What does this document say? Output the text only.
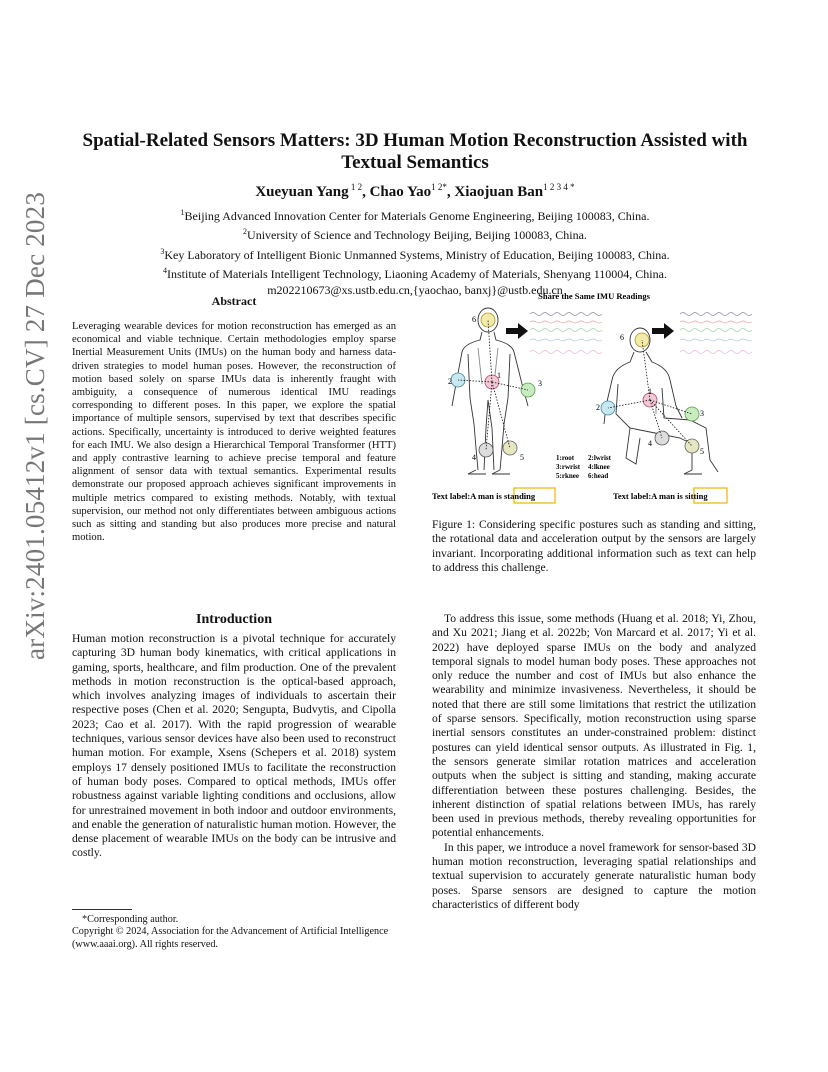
arXiv:2401.05412v1 [cs.CV] 27 Dec 2023
Spatial-Related Sensors Matters: 3D Human Motion Reconstruction Assisted with
Textual Semantics
Xueyuan Yang $^{1 2}$, Chao Yao$^{1 2*}$, Xiaojuan Ban$^{1 2 3 4 *}$
$^1$Beijing Advanced Innovation Center for Materials Genome Engineering, Beijing 100083, China.
$^2$University of Science and Technology Beijing, Beijing 100083, China.
$^3$Key Laboratory of Intelligent Bionic Unmanned Systems, Ministry of Education, Beijing 100083, China.
$^4$Institute of Materials Intelligent Technology, Liaoning Academy of Materials, Shenyang 110004, China.
m202210673@xs.ustb.edu.cn,{yaochao, banxj}@ustb.edu.cn
Abstract
Leveraging wearable devices for motion reconstruction has emerged as an economical and viable technique. Certain methodologies employ sparse Inertial Measurement Units (IMUs) on the human body and harness data-driven strategies to model human poses. However, the reconstruction of motion based solely on sparse IMUs data is inherently fraught with ambiguity, a consequence of numerous identical IMU readings corresponding to different poses. In this paper, we explore the spatial importance of multiple sensors, supervised by text that describes specific actions. Specifically, uncertainty is introduced to derive weighted features for each IMU. We also design a Hierarchical Temporal Transformer (HTT) and apply contrastive learning to achieve precise temporal and feature alignment of sensor data with textual semantics. Experimental results demonstrate our proposed approach achieves significant improvements in multiple metrics compared to existing methods. Notably, with textual supervision, our method not only differentiates between ambiguous actions such as sitting and standing but also produces more precise and natural motion.
Introduction
Human motion reconstruction is a pivotal technique for accurately capturing 3D human body kinematics, with critical applications in gaming, sports, healthcare, and film production. One of the prevalent methods in motion reconstruction is the optical-based approach, which involves analyzing images of individuals to ascertain their respective poses (Chen et al. 2020; Sengupta, Budvytis, and Cipolla 2023; Cao et al. 2017). With the rapid progression of wearable techniques, various sensor devices have also been used to reconstruct human motion. For example, Xsens (Schepers et al. 2018) system employs 17 densely positioned IMUs to facilitate the reconstruction of human body poses. Compared to optical methods, IMUs offer robustness against variable lighting conditions and occlusions, allow for unrestrained movement in both indoor and outdoor environments, and enable the generation of naturalistic human motion. However, the dense placement of wearable IMUs on the body can be intrusive and costly.
*Corresponding author.
Copyright © 2024, Association for the Advancement of Artificial Intelligence (www.aaai.org). All rights reserved.
Share the Same IMU Readings
1
2	3
4	5
6
1
2
3
4
5
6
1:root 2:lwrist
3:rwrist 4:lknee
5:rknee 6:head
Text label:A man is standing	Text label:A man is sitting
Figure 1: Considering specific postures such as standing and sitting, the rotational data and acceleration output by the sensors are largely invariant. Incorporating additional information such as text can help to address this challenge.

To address this issue, some methods (Huang et al. 2018; Yi, Zhou, and Xu 2021; Jiang et al. 2022b; Von Marcard et al. 2017; Yi et al. 2022) have deployed sparse IMUs on the body and analyzed temporal signals to model human body poses. These approaches not only reduce the number and cost of IMUs but also enhance the wearability and minimize invasiveness. Nevertheless, it should be noted that there are still some limitations that restrict the utilization of sparse sensors. Specifically, motion reconstruction using sparse inertial sensors constitutes an under-constrained problem: distinct postures can yield identical sensor outputs. As illustrated in Fig. 1, the sensors generate similar rotation matrices and acceleration outputs when the subject is sitting and standing, making accurate differentiation between these postures challenging. Besides, the inherent distinction of spatial relations between IMUs, has rarely been used in previous methods, thereby revealing opportunities for potential enhancements.

In this paper, we introduce a novel framework for sensor-based 3D human motion reconstruction, leveraging spatial relationships and textual supervision to accurately generate naturalistic human body poses. Sparse sensors are designed to capture the motion characteristics of different body
